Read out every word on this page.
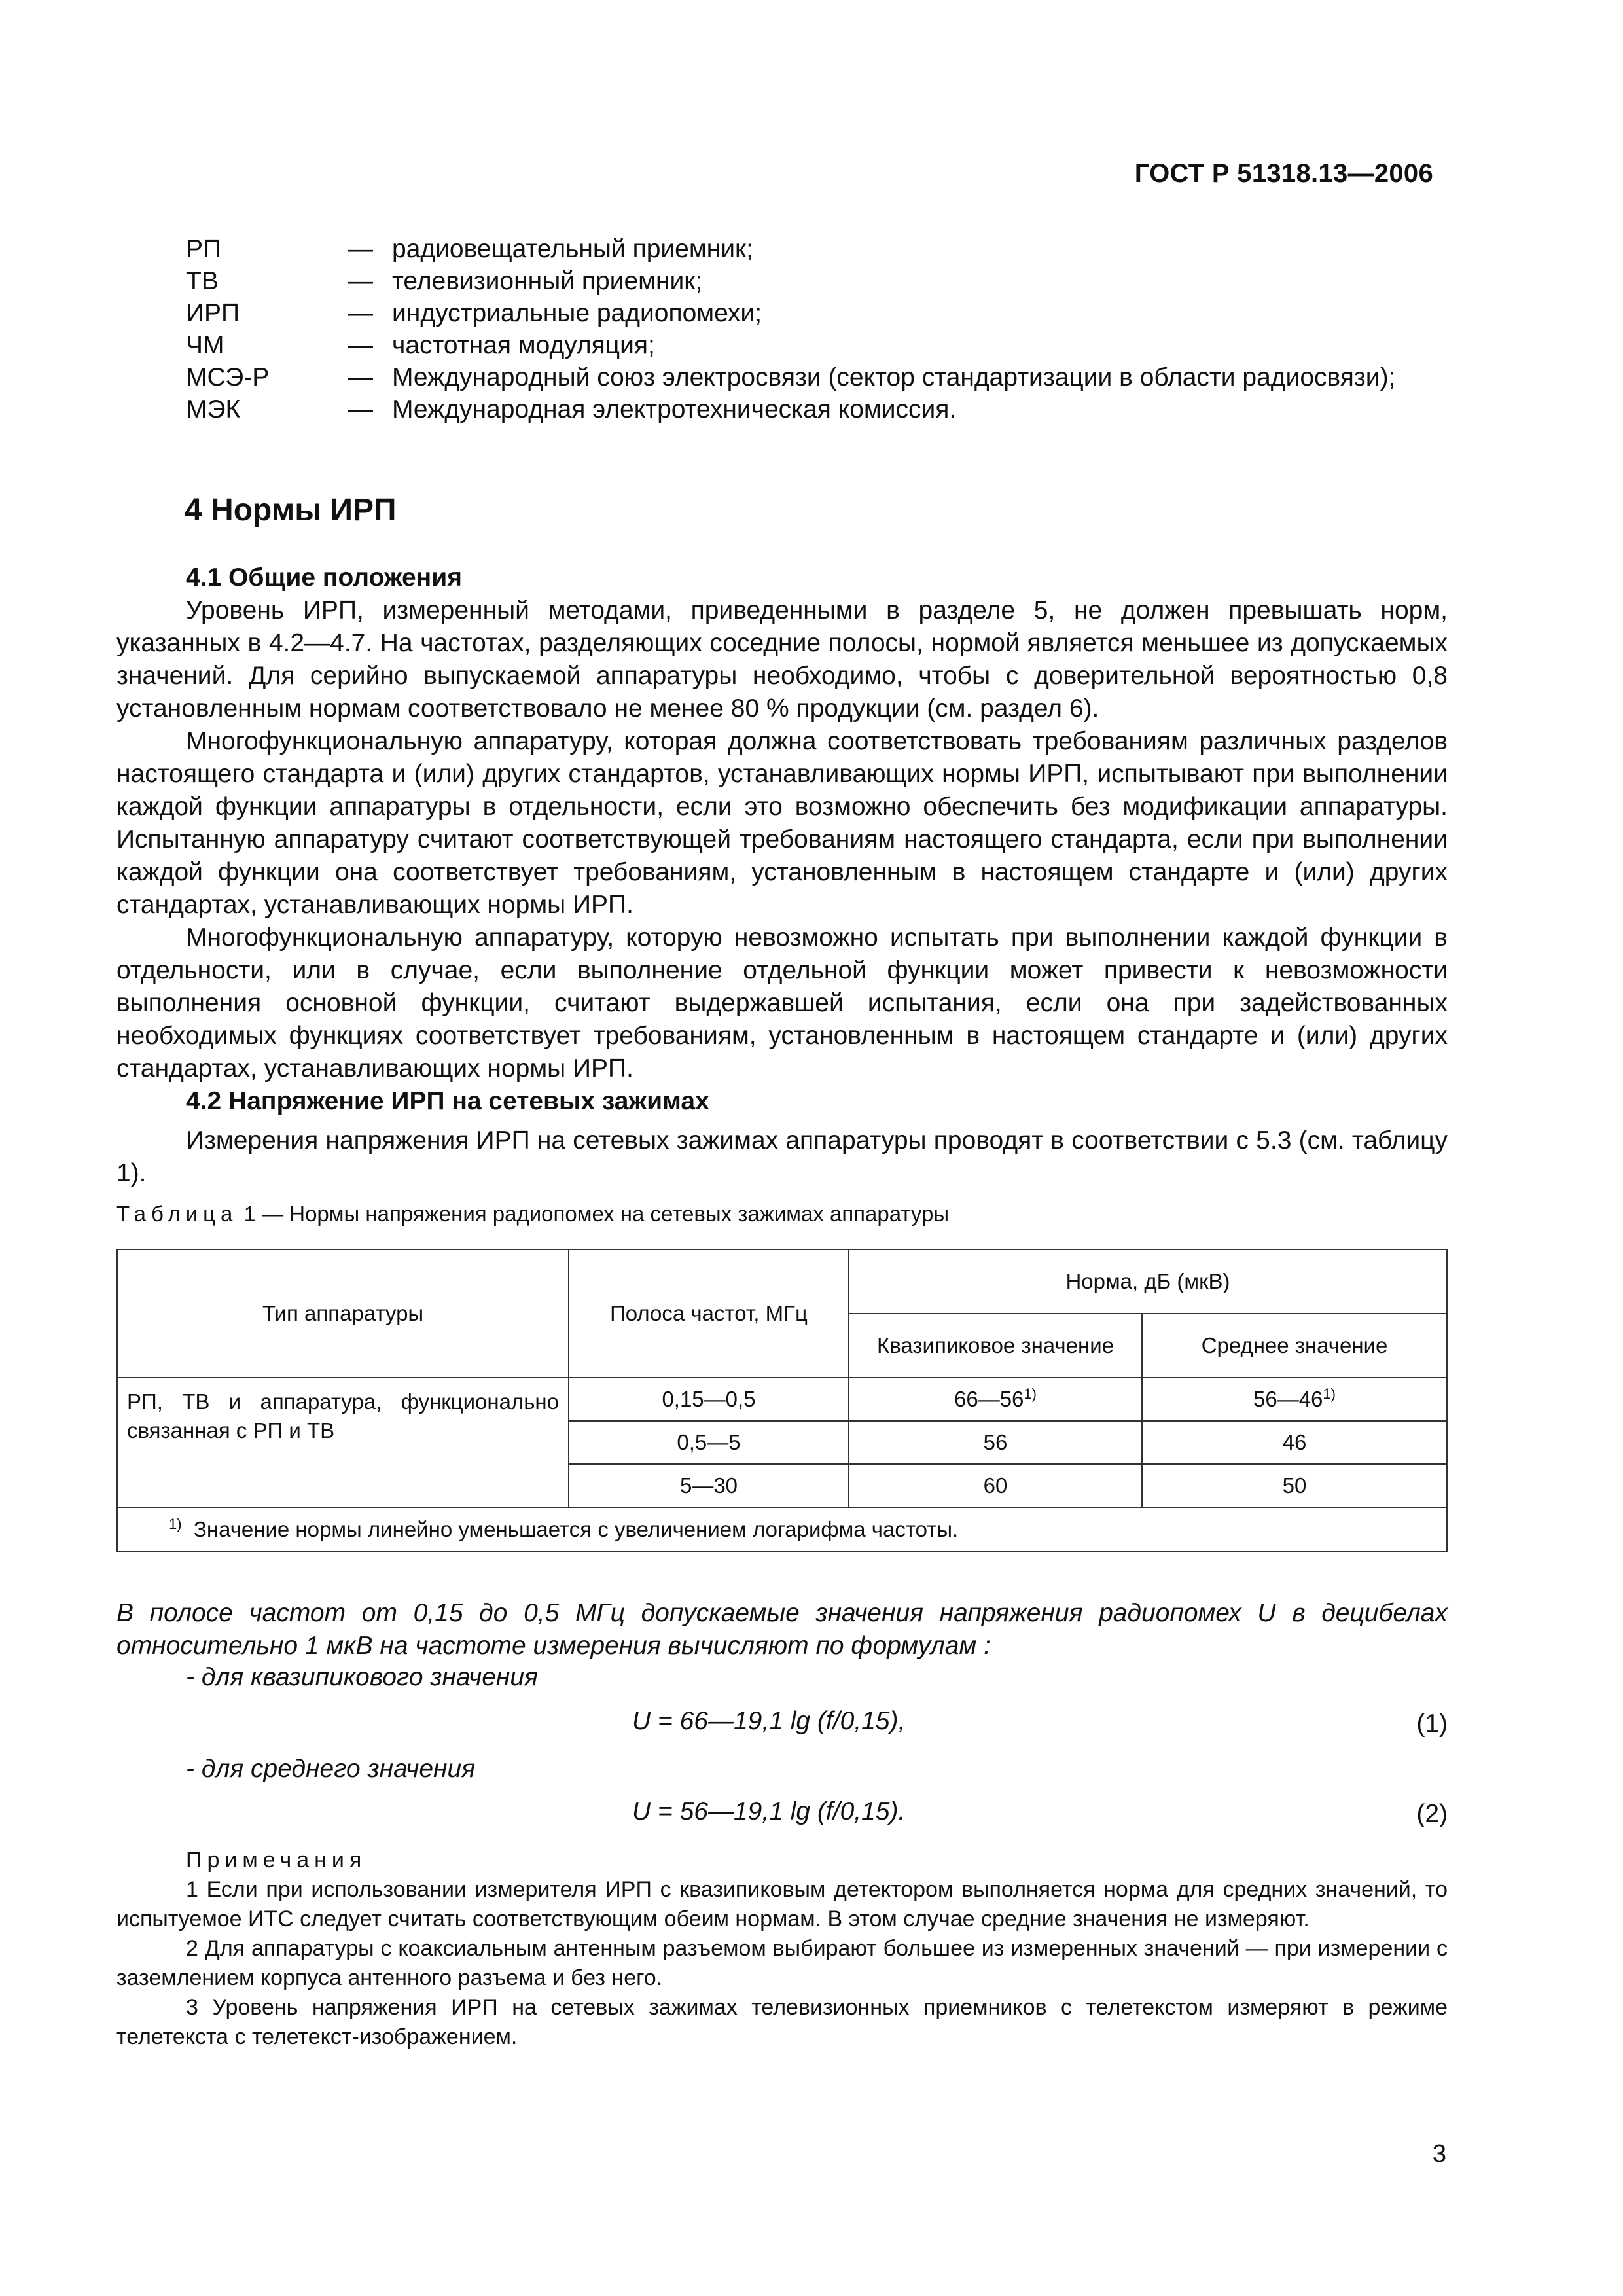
ГОСТ Р 51318.13—2006
РП	— радиовещательный приемник;
ТВ	— телевизионный приемник;
ИРП	— индустриальные радиопомехи;
ЧМ	— частотная модуляция;
МСЭ-Р	— Международный союз электросвязи (сектор стандартизации в области радиосвязи);
МЭК	— Международная электротехническая комиссия.
4 Нормы ИРП

4.1 Общие положения

Уровень ИРП, измеренный методами, приведенными в разделе 5, не должен превышать норм, указанных в 4.2—4.7. На частотах, разделяющих соседние полосы, нормой является меньшее из допускаемых значений. Для серийно выпускаемой аппаратуры необходимо, чтобы с доверительной вероятностью 0,8 установленным нормам соответствовало не менее 80 % продукции (см. раздел 6).

Многофункциональную аппаратуру, которая должна соответствовать требованиям различных разделов настоящего стандарта и (или) других стандартов, устанавливающих нормы ИРП, испытывают при выполнении каждой функции аппаратуры в отдельности, если это возможно обеспечить без модификации аппаратуры. Испытанную аппаратуру считают соответствующей требованиям настоящего стандарта, если при выполнении каждой функции она соответствует требованиям, установленным в настоящем стандарте и (или) других стандартах, устанавливающих нормы ИРП.

Многофункциональную аппаратуру, которую невозможно испытать при выполнении каждой функции в отдельности, или в случае, если выполнение отдельной функции может привести к невозможности выполнения основной функции, считают выдержавшей испытания, если она при задействованных необходимых функциях соответствует требованиям, установленным в настоящем стандарте и (или) других стандартах, устанавливающих нормы ИРП.

4.2 Напряжение ИРП на сетевых зажимах

Измерения напряжения ИРП на сетевых зажимах аппаратуры проводят в соответствии с 5.3 (см. таблицу 1).

Таблица 1 — Нормы напряжения радиопомех на сетевых зажимах аппаратуры
Тип аппаратуры	Полоса частот, МГц	Норма, дБ (мкВ)	
		Квазипиковое значение	Среднее значение
РП, ТВ и аппаратура, функционально связанная с РП и ТВ	0,15—0,5	66—56$^{1)}$	56—46$^{1)}$
	0,5—5	56	46
	5—30	60	50
$^{1)}$ Значение нормы линейно уменьшается с увеличением логарифма частоты.			
В полосе частот от 0,15 до 0,5 МГц допускаемые значения напряжения радиопомех U в децибелах относительно 1 мкВ на частоте измерения вычисляют по формулам :
- для квазипикового значения
U = 66—19,1 lg (f/0,15),	(1)
- для среднего значения
U = 56—19,1 lg (f/0,15).	(2)

Примечания

1 Если при использовании измерителя ИРП с квазипиковым детектором выполняется норма для средних значений, то испытуемое ИТС следует считать соответствующим обеим нормам. В этом случае средние значения не измеряют.

2 Для аппаратуры с коаксиальным антенным разъемом выбирают большее из измеренных значений — при измерении с заземлением корпуса антенного разъема и без него.

3 Уровень напряжения ИРП на сетевых зажимах телевизионных приемников с телетекстом измеряют в режиме телетекста с телетекст-изображением.

3
